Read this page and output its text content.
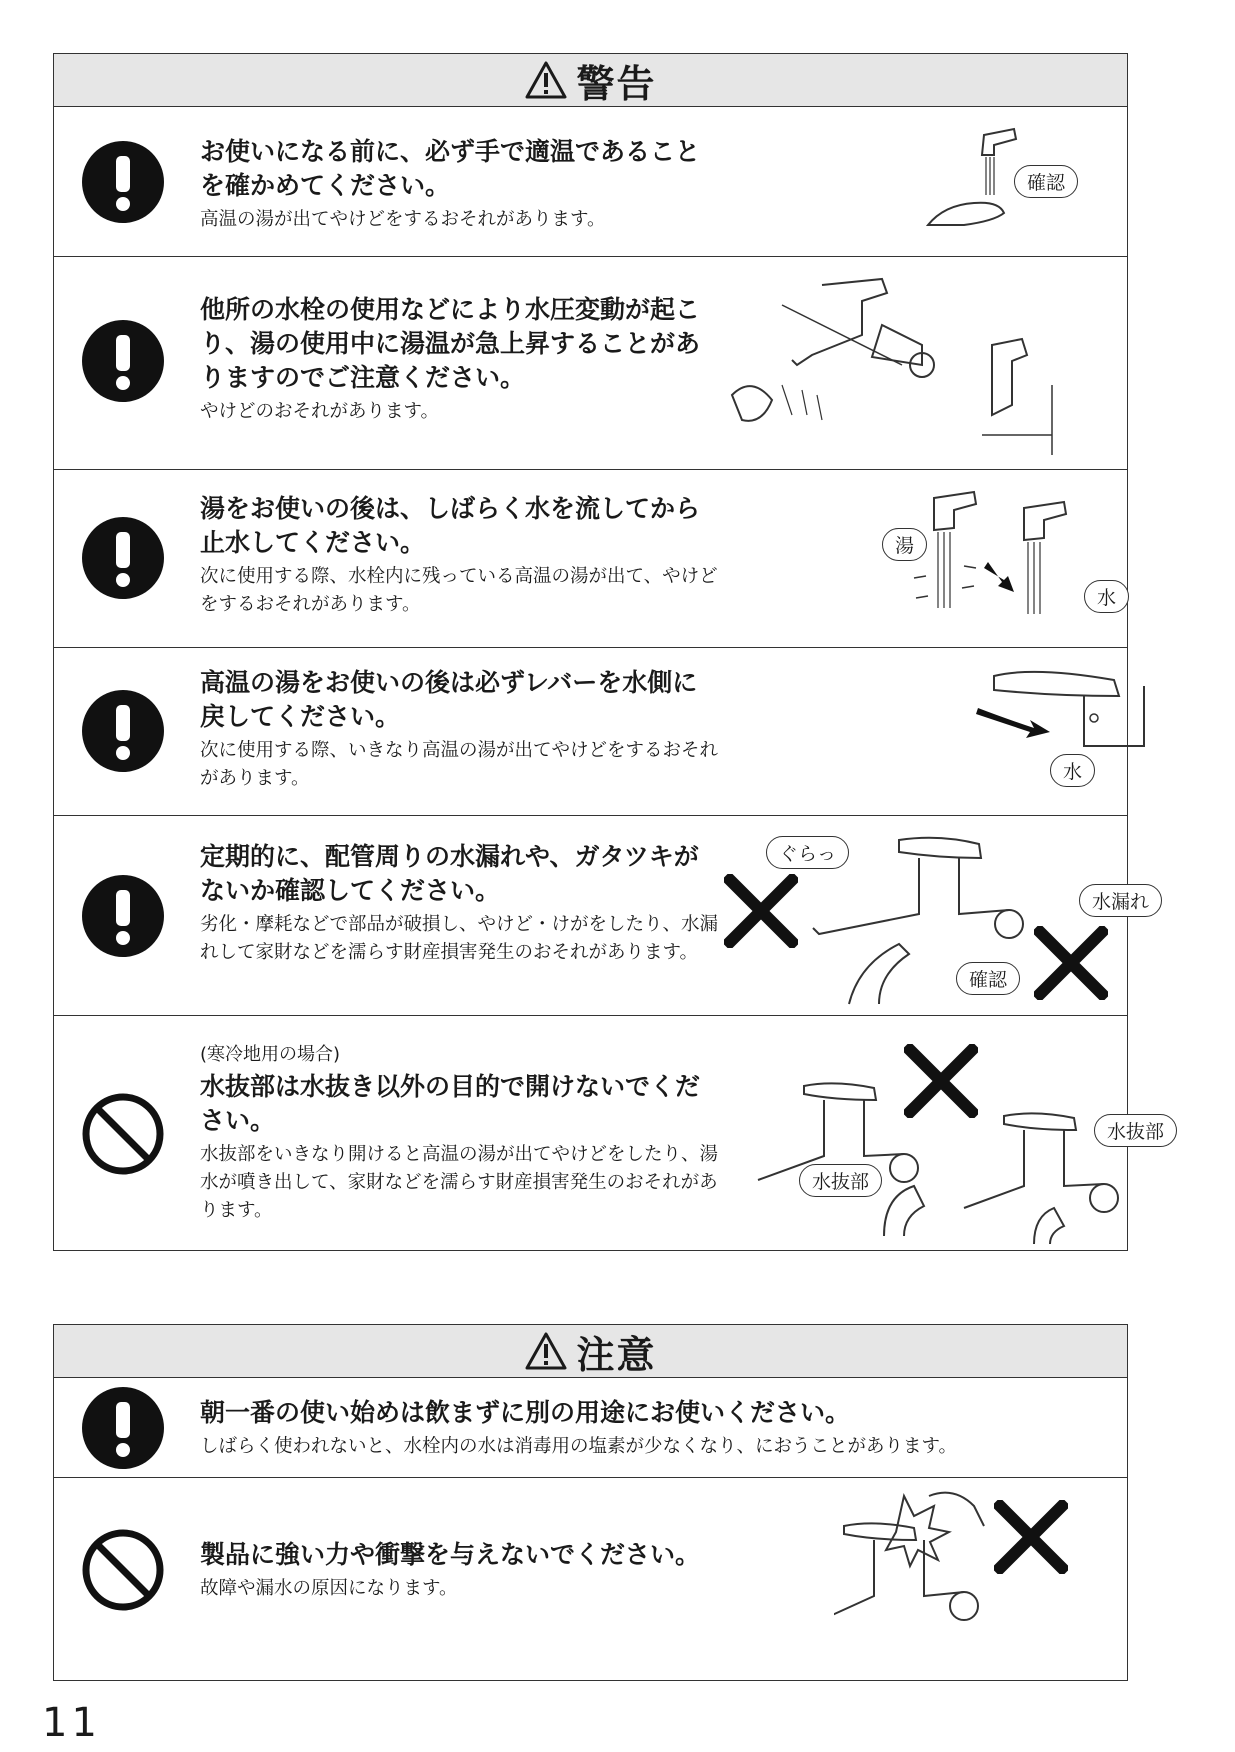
警告
お使いになる前に、必ず手で適温であることを確かめてください。
高温の湯が出てやけどをするおそれがあります。
確認
他所の水栓の使用などにより水圧変動が起こり、湯の使用中に湯温が急上昇することがありますのでご注意ください。
やけどのおそれがあります。
湯をお使いの後は、しばらく水を流してから止水してください。
次に使用する際、水栓内に残っている高温の湯が出て、やけどをするおそれがあります。
湯
水
高温の湯をお使いの後は必ずレバーを水側に戻してください。
次に使用する際、いきなり高温の湯が出てやけどをするおそれがあります。	水
定期的に、配管周りの水漏れや、ガタツキがないか確認してください。
劣化・摩耗などで部品が破損し、やけど・けがをしたり、水漏れして家財などを濡らす財産損害発生のおそれがあります。
ぐらっ
水漏れ
確認
(寒冷地用の場合)
水抜部は水抜き以外の目的で開けないでください。
水抜部をいきなり開けると高温の湯が出てやけどをしたり、湯水が噴き出して、家財などを濡らす財産損害発生のおそれがあります。
水抜部
水抜部
注意
朝一番の使い始めは飲まずに別の用途にお使いください。
しばらく使われないと、水栓内の水は消毒用の塩素が少なくなり、におうことがあります。
製品に強い力や衝撃を与えないでください。
故障や漏水の原因になります。
11
